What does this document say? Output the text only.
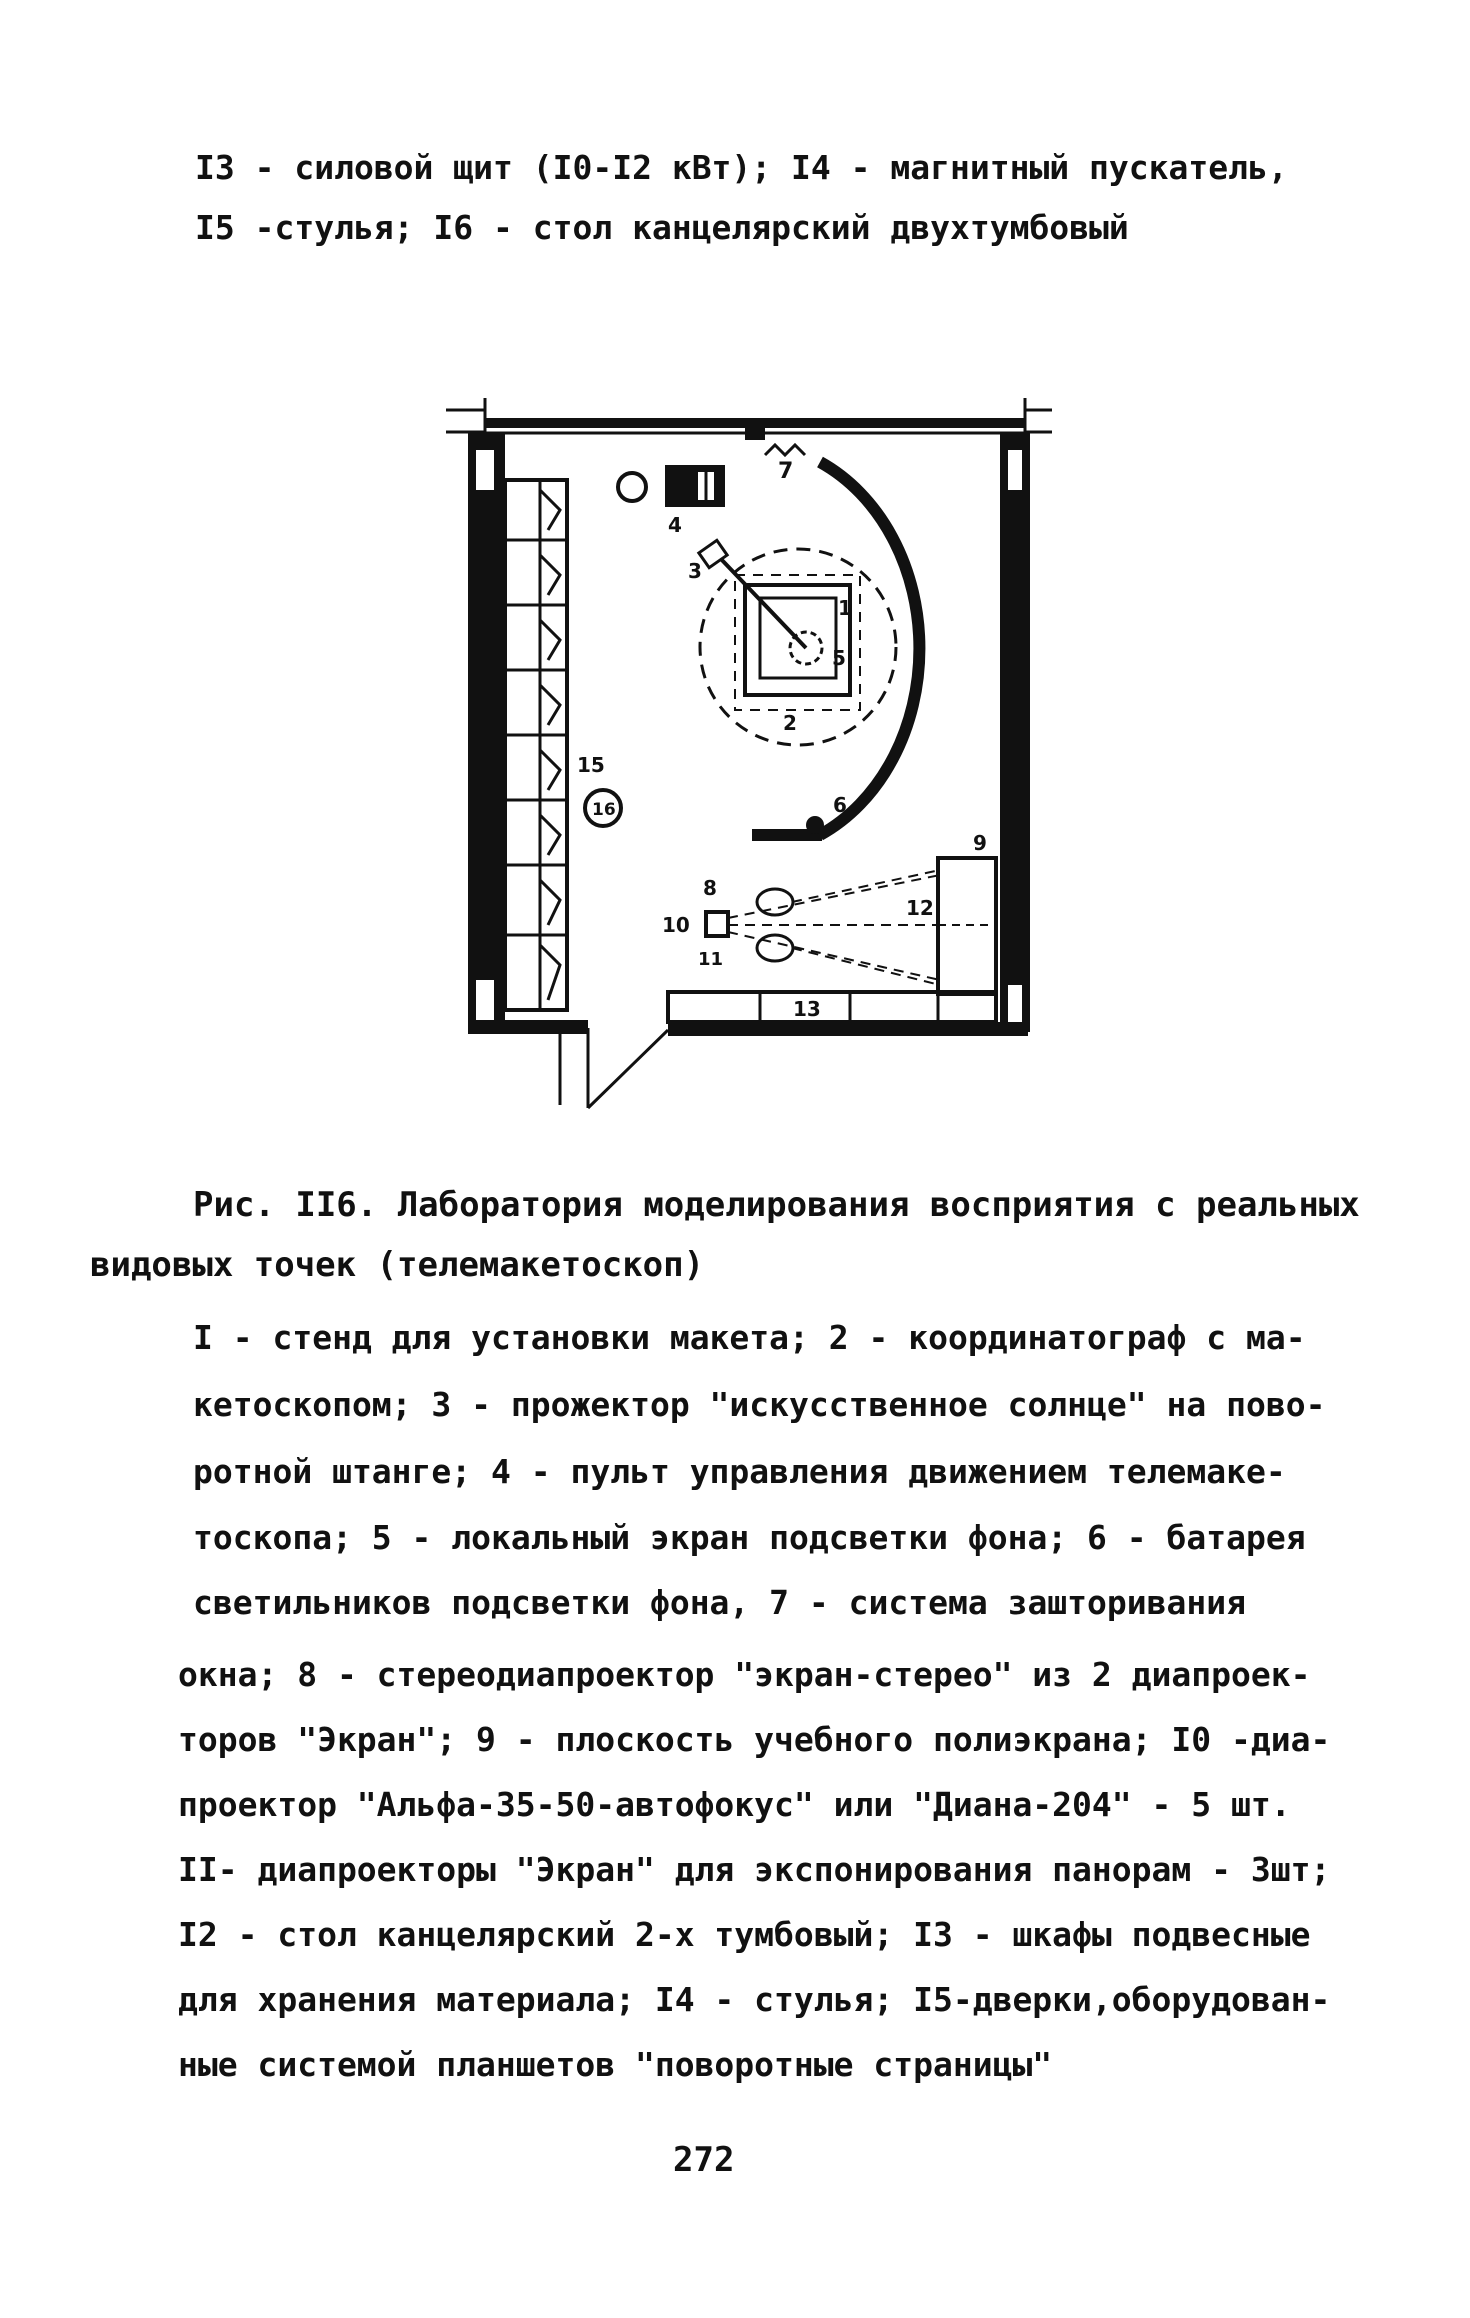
I3 - силовой щит (I0-I2 кВт); I4 - магнитный пускатель,
I5 -стулья; I6 - стол канцелярский двухтумбовый
1
2
3
4
5
6
7
8
9
10
11
12
13
15
16
Рис. II6. Лаборатория моделирования восприятия с реальных
видовых точек (телемакетоскоп)
I - стенд для установки макета; 2 - координатограф с ма-
кетоскопом; 3 - прожектор "искусственное солнце" на пово-
ротной штанге; 4 - пульт управления движением телемаке-
тоскопа; 5 - локальный экран подсветки фона; 6 - батарея
светильников подсветки фона, 7 - система зашторивания
окна; 8 - стереодиапроектор "экран-стерео" из 2 диапроек-
торов "Экран"; 9 - плоскость учебного полиэкрана; I0 -диа-
проектор "Альфа-35-50-автофокус" или "Диана-204" - 5 шт.
II- диапроекторы "Экран" для экспонирования панорам - 3шт;
I2 - стол канцелярский 2-х тумбовый; I3 - шкафы подвесные
для хранения материала; I4 - стулья; I5-дверки,оборудован-
ные системой планшетов "поворотные страницы"
272
